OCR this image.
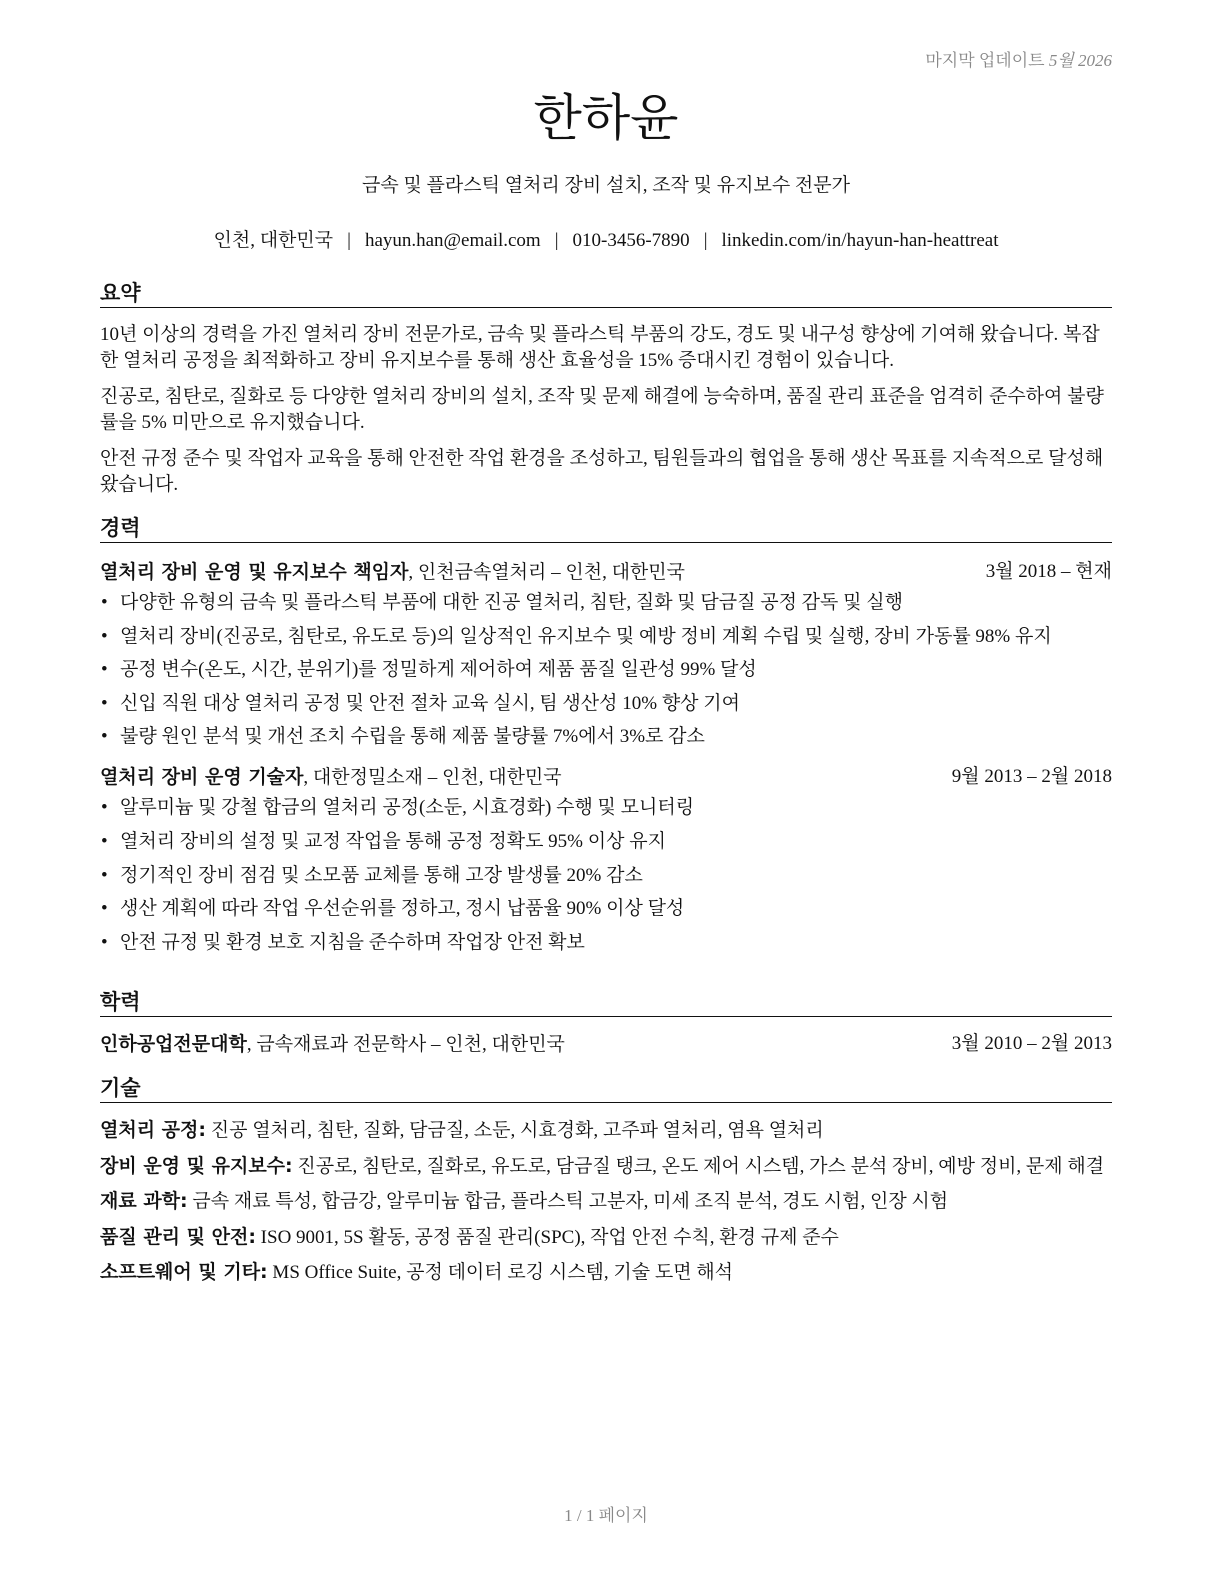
마지막 업데이트 5월 2026
한하윤
금속 및 플라스틱 열처리 장비 설치, 조작 및 유지보수 전문가
인천, 대한민국 | hayun.han@email.com | 010-3456-7890 | linkedin.com/in/hayun-han-heattreat
요약

10년 이상의 경력을 가진 열처리 장비 전문가로, 금속 및 플라스틱 부품의 강도, 경도 및 내구성 향상에 기여해 왔습니다. 복잡한 열처리 공정을 최적화하고 장비 유지보수를 통해 생산 효율성을 15% 증대시킨 경험이 있습니다.

진공로, 침탄로, 질화로 등 다양한 열처리 장비의 설치, 조작 및 문제 해결에 능숙하며, 품질 관리 표준을 엄격히 준수하여 불량률을 5% 미만으로 유지했습니다.

안전 규정 준수 및 작업자 교육을 통해 안전한 작업 환경을 조성하고, 팀원들과의 협업을 통해 생산 목표를 지속적으로 달성해 왔습니다.

경력
열처리 장비 운영 및 유지보수 책임자, 인천금속열처리 – 인천, 대한민국	3월 2018 – 현재
• 다양한 유형의 금속 및 플라스틱 부품에 대한 진공 열처리, 침탄, 질화 및 담금질 공정 감독 및 실행
• 열처리 장비(진공로, 침탄로, 유도로 등)의 일상적인 유지보수 및 예방 정비 계획 수립 및 실행, 장비 가동률 98% 유지
• 공정 변수(온도, 시간, 분위기)를 정밀하게 제어하여 제품 품질 일관성 99% 달성
• 신입 직원 대상 열처리 공정 및 안전 절차 교육 실시, 팀 생산성 10% 향상 기여
• 불량 원인 분석 및 개선 조치 수립을 통해 제품 불량률 7%에서 3%로 감소
열처리 장비 운영 기술자, 대한정밀소재 – 인천, 대한민국	9월 2013 – 2월 2018
• 알루미늄 및 강철 합금의 열처리 공정(소둔, 시효경화) 수행 및 모니터링
• 열처리 장비의 설정 및 교정 작업을 통해 공정 정확도 95% 이상 유지
• 정기적인 장비 점검 및 소모품 교체를 통해 고장 발생률 20% 감소
• 생산 계획에 따라 작업 우선순위를 정하고, 정시 납품율 90% 이상 달성
• 안전 규정 및 환경 보호 지침을 준수하며 작업장 안전 확보
학력
인하공업전문대학, 금속재료과 전문학사 – 인천, 대한민국	3월 2010 – 2월 2013
기술
열처리 공정: 진공 열처리, 침탄, 질화, 담금질, 소둔, 시효경화, 고주파 열처리, 염욕 열처리
장비 운영 및 유지보수: 진공로, 침탄로, 질화로, 유도로, 담금질 탱크, 온도 제어 시스템, 가스 분석 장비, 예방 정비, 문제 해결
재료 과학: 금속 재료 특성, 합금강, 알루미늄 합금, 플라스틱 고분자, 미세 조직 분석, 경도 시험, 인장 시험
품질 관리 및 안전: ISO 9001, 5S 활동, 공정 품질 관리(SPC), 작업 안전 수칙, 환경 규제 준수
소프트웨어 및 기타: MS Office Suite, 공정 데이터 로깅 시스템, 기술 도면 해석
1 / 1 페이지
